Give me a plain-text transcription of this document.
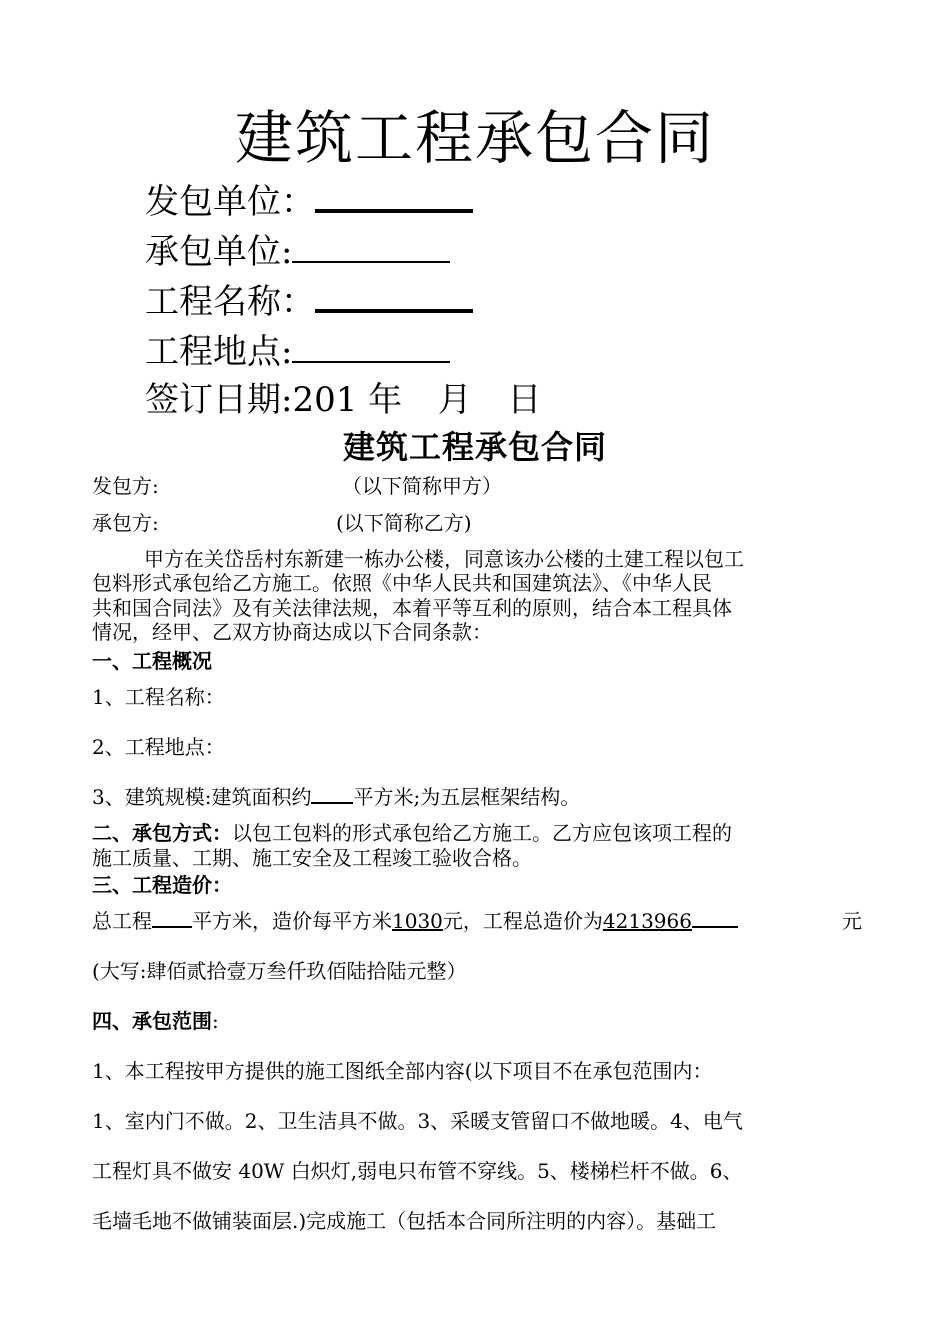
建筑工程承包合同
发包单位：
承包单位:
工程名称：
工程地点:
签订日期:201 年 月 日
建筑工程承包合同
发包方:	（以下简称甲方）
承包方:	(以下简称乙方)
甲方在关岱岳村东新建一栋办公楼，同意该办公楼的土建工程以包工
包料形式承包给乙方施工。依照《中华人民共和国建筑法》、《中华人民
共和国合同法》及有关法律法规，本着平等互利的原则，结合本工程具体
情况，经甲、乙双方协商达成以下合同条款：
一、工程概况
1、工程名称：
2、工程地点：
3、建筑规模:建筑面积约 平方米;为五层框架结构。
二、承包方式：以包工包料的形式承包给乙方施工。乙方应包该项工程的
施工质量、工期、施工安全及工程竣工验收合格。
三、工程造价：
总工程 平方米，造价每平方米1030元，工程总造价为4213966	元
(大写:肆佰贰拾壹万叁仟玖佰陆拾陆元整）
四、承包范围:
1、本工程按甲方提供的施工图纸全部内容(以下项目不在承包范围内：
1、室内门不做。2、卫生洁具不做。3、采暖支管留口不做地暖。4、电气
工程灯具不做安 40W 白炽灯,弱电只布管不穿线。5、楼梯栏杆不做。6、
毛墙毛地不做铺装面层.)完成施工（包括本合同所注明的内容）。基础工
